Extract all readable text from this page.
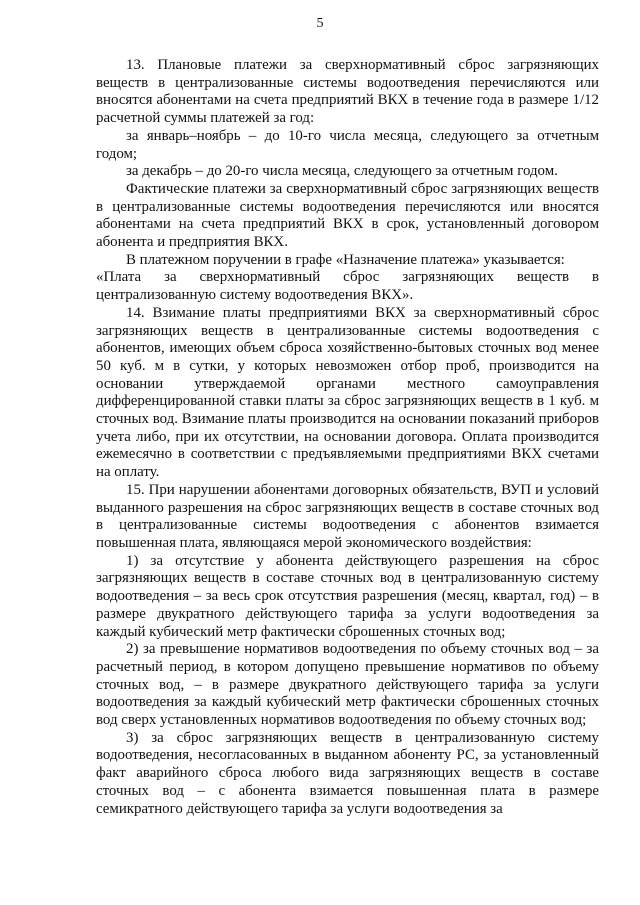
5

13. Плановые платежи за сверхнормативный сброс загрязняющих веществ в централизованные системы водоотведения перечисляются или вносятся абонентами на счета предприятий ВКХ в течение года в размере 1/12 расчетной суммы платежей за год:

за январь–ноябрь – до 10-го числа месяца, следующего за отчетным годом;

за декабрь – до 20-го числа месяца, следующего за отчетным годом.

Фактические платежи за сверхнормативный сброс загрязняющих веществ в централизованные системы водоотведения перечисляются или вносятся абонентами на счета предприятий ВКХ в срок, установленный договором абонента и предприятия ВКХ.

В платежном поручении в графе «Назначение платежа» указывается:

«Плата за сверхнормативный сброс загрязняющих веществ в централизованную систему водоотведения ВКХ».

14. Взимание платы предприятиями ВКХ за сверхнормативный сброс загрязняющих веществ в централизованные системы водоотведения с абонентов, имеющих объем сброса хозяйственно-бытовых сточных вод менее 50 куб. м в сутки, у которых невозможен отбор проб, производится на основании утверждаемой органами местного самоуправления дифференцированной ставки платы за сброс загрязняющих веществ в 1 куб. м сточных вод. Взимание платы производится на основании показаний приборов учета либо, при их отсутствии, на основании договора. Оплата производится ежемесячно в соответствии с предъявляемыми предприятиями ВКХ счетами на оплату.

15. При нарушении абонентами договорных обязательств, ВУП и условий выданного разрешения на сброс загрязняющих веществ в составе сточных вод в централизованные системы водоотведения с абонентов взимается повышенная плата, являющаяся мерой экономического воздействия:

1) за отсутствие у абонента действующего разрешения на сброс загрязняющих веществ в составе сточных вод в централизованную систему водоотведения – за весь срок отсутствия разрешения (месяц, квартал, год) – в размере двукратного действующего тарифа за услуги водоотведения за каждый кубический метр фактически сброшенных сточных вод;

2) за превышение нормативов водоотведения по объему сточных вод – за расчетный период, в котором допущено превышение нормативов по объему сточных вод, – в размере двукратного действующего тарифа за услуги водоотведения за каждый кубический метр фактически сброшенных сточных вод сверх установленных нормативов водоотведения по объему сточных вод;

3) за сброс загрязняющих веществ в централизованную систему водоотведения, несогласованных в выданном абоненту РС, за установленный факт аварийного сброса любого вида загрязняющих веществ в составе сточных вод – с абонента взимается повышенная плата в размере семикратного действующего тарифа за услуги водоотведения за
